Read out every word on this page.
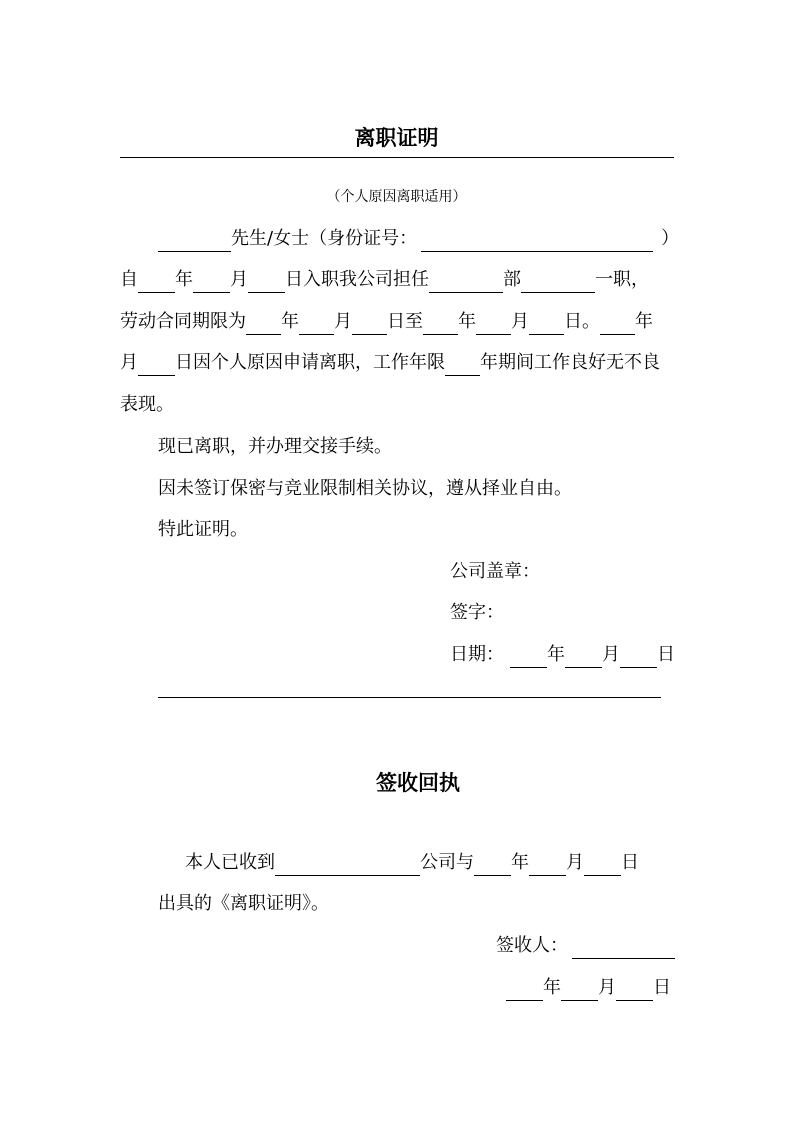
离职证明
（个人原因离职适用）
先生/女士（身份证号：	）
自 年 月 日入职我公司担任	部	一职，
劳动合同期限为 年 月 日至 年 月 日。 年
月 日因个人原因申请离职，工作年限 年期间工作良好无不良
表现。
现已离职，并办理交接手续。
因未签订保密与竞业限制相关协议，遵从择业自由。
特此证明。
公司盖章：
签字：
日期： 年 月 日
签收回执
本人已收到	公司与 年 月 日
出具的《离职证明》。
签收人：
年 月 日
